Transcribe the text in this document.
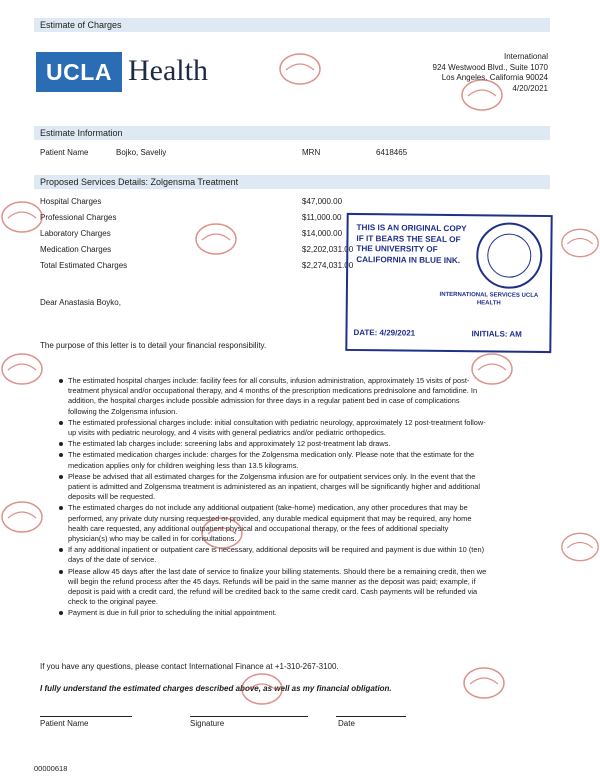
Estimate of Charges
UCLA Health	International
924 Westwood Blvd., Suite 1070
Los Angeles, California 90024
4/20/2021
Estimate Information
Patient Name	Bojko, Saveliy	MRN	6418465
Proposed Services Details: Zolgensma Treatment
Hospital Charges	$47,000.00
Professional Charges	$11,000.00
Laboratory Charges	$14,000.00
Medication Charges	$2,202,031.00
Total Estimated Charges	$2,274,031.00
THIS IS AN ORIGINAL COPY IF IT BEARS THE SEAL OF THE UNIVERSITY OF CALIFORNIA IN BLUE INK.
INTERNATIONAL SERVICES UCLA HEALTH
DATE: 4/29/2021	INITIALS: AM
Dear Anastasia Boyko,
The purpose of this letter is to detail your financial responsibility.
The estimated hospital charges include: facility fees for all consults, infusion administration, approximately 15 visits of post-treatment physical and/or occupational therapy, and 4 months of the prescription medications prednisolone and famotidine. In addition, the hospital charges include possible admission for three days in a regular patient bed in case of complications following the Zolgensma infusion.
The estimated professional charges include: initial consultation with pediatric neurology, approximately 12 post-treatment follow-up visits with pediatric neurology, and 4 visits with general pediatrics and/or pediatric orthopedics.
The estimated lab charges include: screening labs and approximately 12 post-treatment lab draws.
The estimated medication charges include: charges for the Zolgensma medication only. Please note that the estimate for the medication applies only for children weighing less than 13.5 kilograms.
Please be advised that all estimated charges for the Zolgensma infusion are for outpatient services only. In the event that the patient is admitted and Zolgensma treatment is administered as an inpatient, charges will be significantly higher and additional deposits will be requested.
The estimated charges do not include any additional outpatient (take-home) medication, any other procedures that may be performed, any private duty nursing requested or provided, any durable medical equipment that may be required, any home health care requested, any additional outpatient physical and occupational therapy, or the fees of additional specialty physician(s) who may be called in for consultations.
If any additional inpatient or outpatient care is necessary, additional deposits will be required and payment is due within 10 (ten) days of the date of service.
Please allow 45 days after the last date of service to finalize your billing statements. Should there be a remaining credit, then we will begin the refund process after the 45 days. Refunds will be paid in the same manner as the deposit was paid; example, if deposit is paid with a credit card, the refund will be credited back to the same credit card. Cash payments will be refunded via check to the original payee.
Payment is due in full prior to scheduling the initial appointment.
If you have any questions, please contact International Finance at +1-310-267-3100.
I fully understand the estimated charges described above, as well as my financial obligation.
Patient Name	Signature	Date
00000618
